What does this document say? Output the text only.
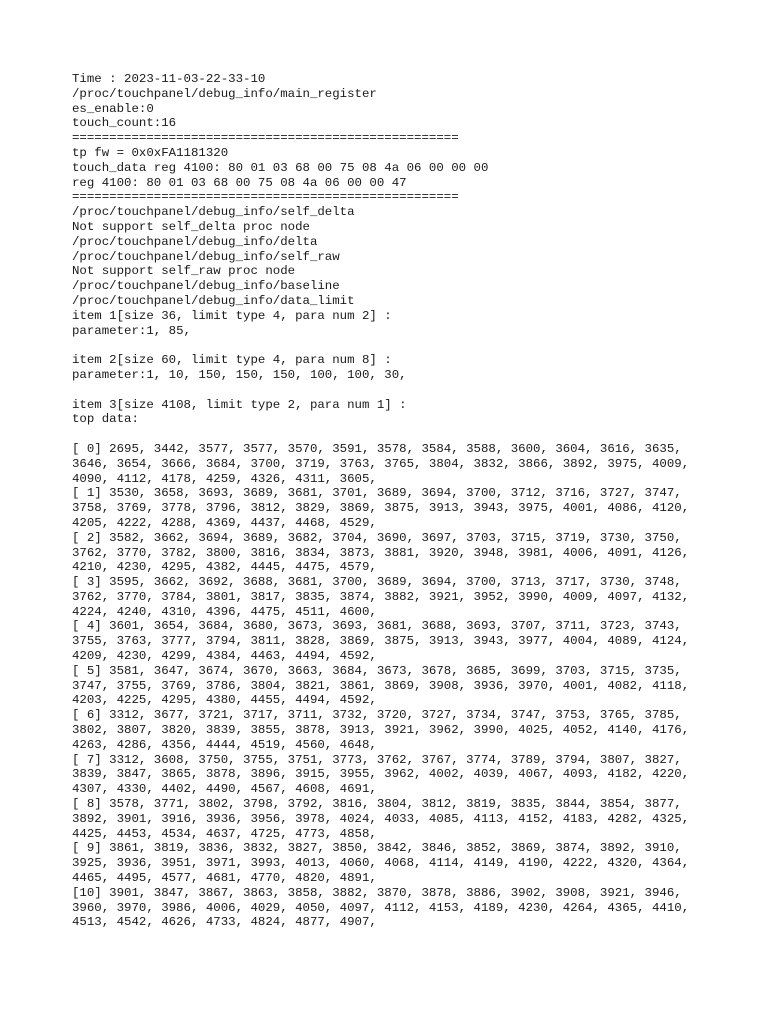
Time : 2023-11-03-22-33-10
/proc/touchpanel/debug_info/main_register
es_enable:0
touch_count:16
====================================================
tp fw = 0x0xFA1181320
touch_data reg 4100: 80 01 03 68 00 75 08 4a 06 00 00 00
reg 4100: 80 01 03 68 00 75 08 4a 06 00 00 47
====================================================
/proc/touchpanel/debug_info/self_delta
Not support self_delta proc node
/proc/touchpanel/debug_info/delta
/proc/touchpanel/debug_info/self_raw
Not support self_raw proc node
/proc/touchpanel/debug_info/baseline
/proc/touchpanel/debug_info/data_limit
item 1[size 36, limit type 4, para num 2] :
parameter:1, 85,
item 2[size 60, limit type 4, para num 8] :
parameter:1, 10, 150, 150, 150, 100, 100, 30,
item 3[size 4108, limit type 2, para num 1] :
top data:
[ 0] 2695, 3442, 3577, 3577, 3570, 3591, 3578, 3584, 3588, 3600, 3604, 3616, 3635,
3646, 3654, 3666, 3684, 3700, 3719, 3763, 3765, 3804, 3832, 3866, 3892, 3975, 4009,
4090, 4112, 4178, 4259, 4326, 4311, 3605,
[ 1] 3530, 3658, 3693, 3689, 3681, 3701, 3689, 3694, 3700, 3712, 3716, 3727, 3747,
3758, 3769, 3778, 3796, 3812, 3829, 3869, 3875, 3913, 3943, 3975, 4001, 4086, 4120,
4205, 4222, 4288, 4369, 4437, 4468, 4529,
[ 2] 3582, 3662, 3694, 3689, 3682, 3704, 3690, 3697, 3703, 3715, 3719, 3730, 3750,
3762, 3770, 3782, 3800, 3816, 3834, 3873, 3881, 3920, 3948, 3981, 4006, 4091, 4126,
4210, 4230, 4295, 4382, 4445, 4475, 4579,
[ 3] 3595, 3662, 3692, 3688, 3681, 3700, 3689, 3694, 3700, 3713, 3717, 3730, 3748,
3762, 3770, 3784, 3801, 3817, 3835, 3874, 3882, 3921, 3952, 3990, 4009, 4097, 4132,
4224, 4240, 4310, 4396, 4475, 4511, 4600,
[ 4] 3601, 3654, 3684, 3680, 3673, 3693, 3681, 3688, 3693, 3707, 3711, 3723, 3743,
3755, 3763, 3777, 3794, 3811, 3828, 3869, 3875, 3913, 3943, 3977, 4004, 4089, 4124,
4209, 4230, 4299, 4384, 4463, 4494, 4592,
[ 5] 3581, 3647, 3674, 3670, 3663, 3684, 3673, 3678, 3685, 3699, 3703, 3715, 3735,
3747, 3755, 3769, 3786, 3804, 3821, 3861, 3869, 3908, 3936, 3970, 4001, 4082, 4118,
4203, 4225, 4295, 4380, 4455, 4494, 4592,
[ 6] 3312, 3677, 3721, 3717, 3711, 3732, 3720, 3727, 3734, 3747, 3753, 3765, 3785,
3802, 3807, 3820, 3839, 3855, 3878, 3913, 3921, 3962, 3990, 4025, 4052, 4140, 4176,
4263, 4286, 4356, 4444, 4519, 4560, 4648,
[ 7] 3312, 3608, 3750, 3755, 3751, 3773, 3762, 3767, 3774, 3789, 3794, 3807, 3827,
3839, 3847, 3865, 3878, 3896, 3915, 3955, 3962, 4002, 4039, 4067, 4093, 4182, 4220,
4307, 4330, 4402, 4490, 4567, 4608, 4691,
[ 8] 3578, 3771, 3802, 3798, 3792, 3816, 3804, 3812, 3819, 3835, 3844, 3854, 3877,
3892, 3901, 3916, 3936, 3956, 3978, 4024, 4033, 4085, 4113, 4152, 4183, 4282, 4325,
4425, 4453, 4534, 4637, 4725, 4773, 4858,
[ 9] 3861, 3819, 3836, 3832, 3827, 3850, 3842, 3846, 3852, 3869, 3874, 3892, 3910,
3925, 3936, 3951, 3971, 3993, 4013, 4060, 4068, 4114, 4149, 4190, 4222, 4320, 4364,
4465, 4495, 4577, 4681, 4770, 4820, 4891,
[10] 3901, 3847, 3867, 3863, 3858, 3882, 3870, 3878, 3886, 3902, 3908, 3921, 3946,
3960, 3970, 3986, 4006, 4029, 4050, 4097, 4112, 4153, 4189, 4230, 4264, 4365, 4410,
4513, 4542, 4626, 4733, 4824, 4877, 4907,
